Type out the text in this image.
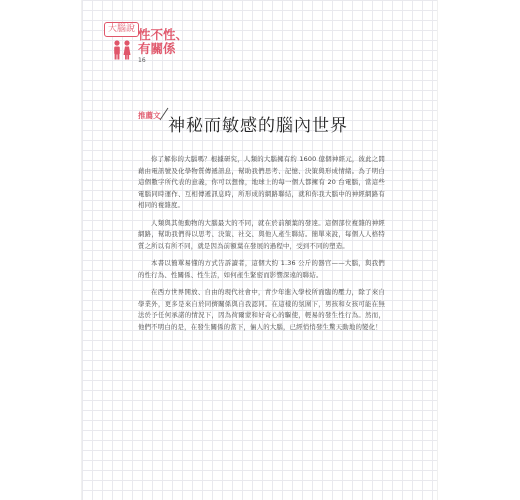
大腦說 性不性、
有關係
16
推薦文
神秘而敏感的腦內世界

你了解你的大腦嗎？根據研究，人類的大腦擁有約 1600 億個神經元，彼此之間藉由電訊號及化學物質傳遞訊息，幫助我們思考、記憶、決策與形成情緒。為了明白這個數字所代表的意義，你可以想像，地球上的每一個人都擁有 20 台電腦，當這些電腦同時運作、互相傳遞訊息時，所形成的網路聯結，就和你我大腦中的神經網路有相同的複雜度。

人類與其他動物的大腦最大的不同，就在於前額葉的發達。這個部位複雜的神經網路，幫助我們得以思考、決策、社交、與他人產生聯結。簡單來說，每個人人格特質之所以有所不同，就是因為前額葉在發展的過程中，受到不同的塑造。

本書以簡單易懂的方式告訴讀者，這個大約 1.36 公斤的器官——大腦，與我們的性行為、性關係、性生活，如何產生緊密而影響深遠的聯結。

在西方世界開放、自由的現代社會中，青少年進入學校所面臨的壓力，除了來自學業外，更多是來自於同儕關係與自我認同。在這樣的氛圍下，男孩和女孩可能在無法於予任何承諾的情況下，因為荷爾蒙和好奇心的驅使，輕易的發生性行為。然而，他們不明白的是，在發生關係的當下，倆人的大腦，已經悄悄發生驚天動地的變化！
